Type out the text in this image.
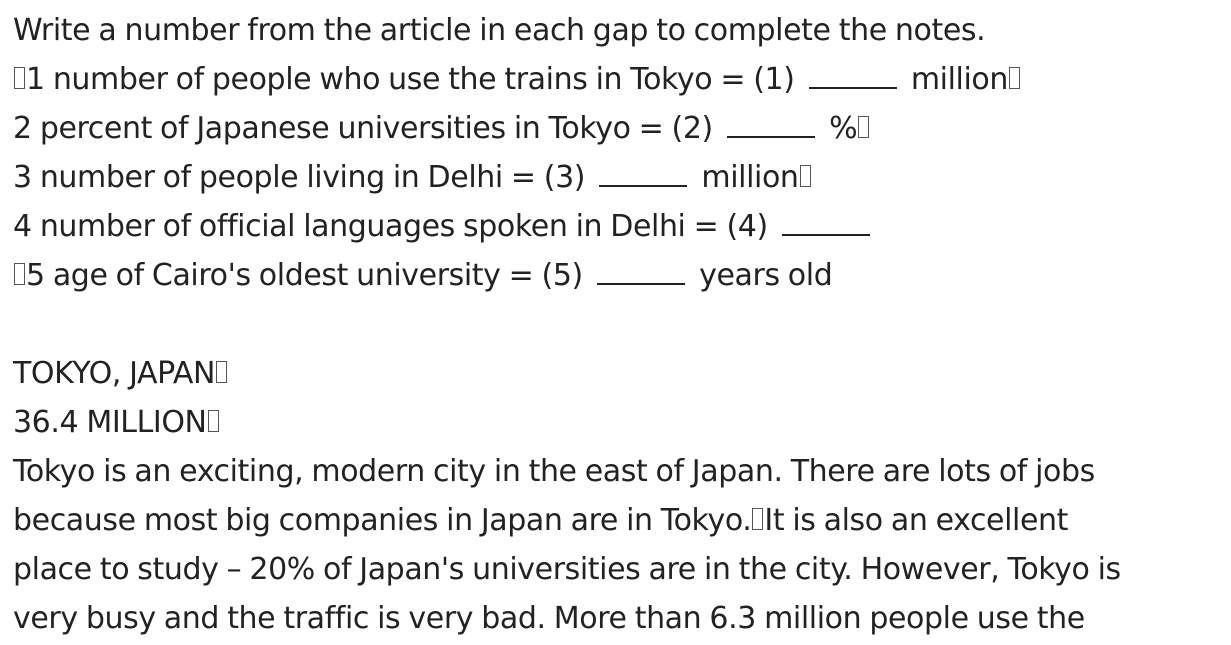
Write a number from the article in each gap to complete the notes.
1 number of people who use the trains in Tokyo = (1)	million
2 percent of Japanese universities in Tokyo = (2)	%
3 number of people living in Delhi = (3)	million
4 number of official languages spoken in Delhi = (4)
5 age of Cairo's oldest university = (5)	years old
TOKYO, JAPAN
36.4 MILLION
Tokyo is an exciting, modern city in the east of Japan. There are lots of jobs
because most big companies in Japan are in Tokyo. It is also an excellent
place to study – 20% of Japan's universities are in the city. However, Tokyo is
very busy and the traffic is very bad. More than 6.3 million people use the
